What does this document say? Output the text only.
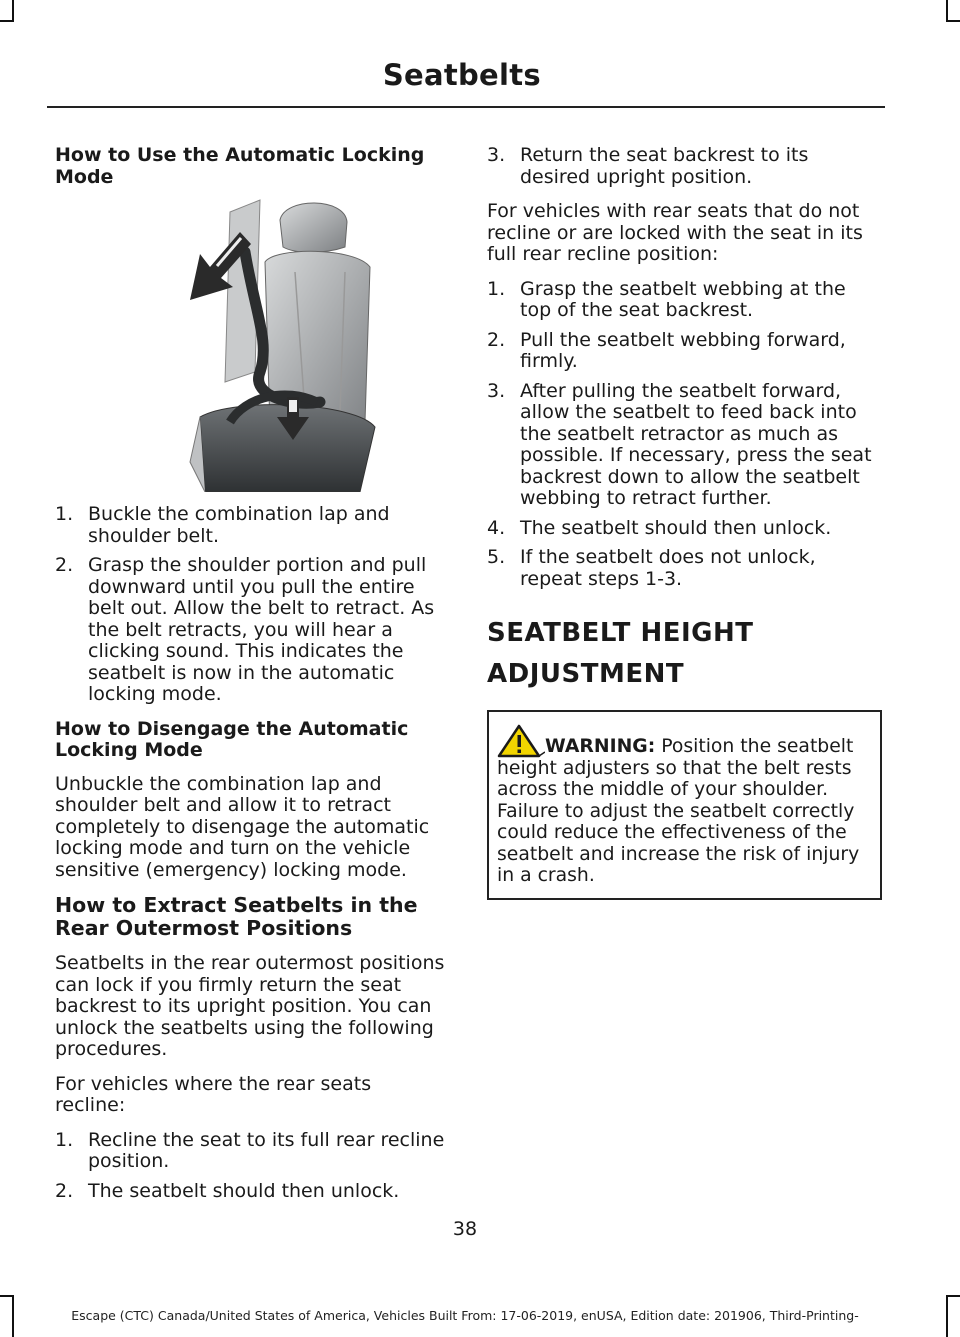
Seatbelts
How to Use the Automatic Locking Mode
1. Buckle the combination lap and shoulder belt.
2. Grasp the shoulder portion and pull downward until you pull the entire belt out. Allow the belt to retract. As the belt retracts, you will hear a clicking sound. This indicates the seatbelt is now in the automatic locking mode.
How to Disengage the Automatic Locking Mode

Unbuckle the combination lap and shoulder belt and allow it to retract completely to disengage the automatic locking mode and turn on the vehicle sensitive (emergency) locking mode.

How to Extract Seatbelts in the Rear Outermost Positions

Seatbelts in the rear outermost positions can lock if you firmly return the seat backrest to its upright position. You can unlock the seatbelts using the following procedures.

For vehicles where the rear seats recline:

1. Recline the seat to its full rear recline position.
2. The seatbelt should then unlock.
3. Return the seat backrest to its desired upright position.

For vehicles with rear seats that do not recline or are locked with the seat in its full rear recline position:

1. Grasp the seatbelt webbing at the top of the seat backrest.
2. Pull the seatbelt webbing forward, firmly.
3. After pulling the seatbelt forward, allow the seatbelt to feed back into the seatbelt retractor as much as possible. If necessary, press the seat backrest down to allow the seatbelt webbing to retract further.
4. The seatbelt should then unlock.
5. If the seatbelt does not unlock, repeat steps 1-3.
SEATBELT HEIGHT
ADJUSTMENT
WARNING: Position the seatbelt height adjusters so that the belt rests across the middle of your shoulder. Failure to adjust the seatbelt correctly could reduce the effectiveness of the seatbelt and increase the risk of injury in a crash.
38
Escape (CTC) Canada/United States of America, Vehicles Built From: 17-06-2019, enUSA, Edition date: 201906, Third-Printing-
